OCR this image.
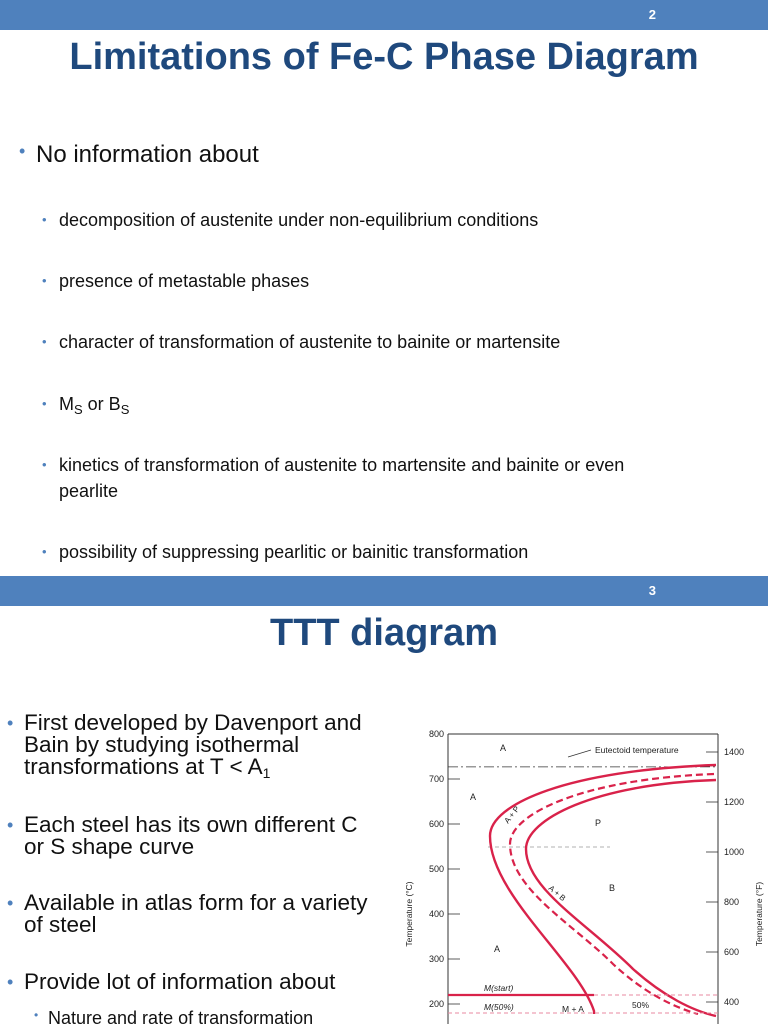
2
Limitations of Fe-C Phase Diagram
• No information about
• decomposition of austenite under non-equilibrium conditions
• presence of metastable phases
• character of transformation of austenite to bainite or martensite
• $M_S$ or $B_S$
• kinetics of transformation of austenite to martensite and bainite or even
pearlite
• possibility of suppressing pearlitic or bainitic transformation
3
TTT diagram
• First developed by Davenport and
Bain by studying isothermal
transformations at $T < A_1$
• Each steel has its own different C
or S shape curve
• Available in atlas form for a variety
of steel
• Provide lot of information about
• Nature and rate of transformation
800
700
600
500
400
300
200
1400
1200
1000
800
600
400
Temperature (°C)	Temperature (°F)
Eutectoid temperature
A
A
P
B
A
A + P
A + B
M(start)
M + A	50%
M(50%)
